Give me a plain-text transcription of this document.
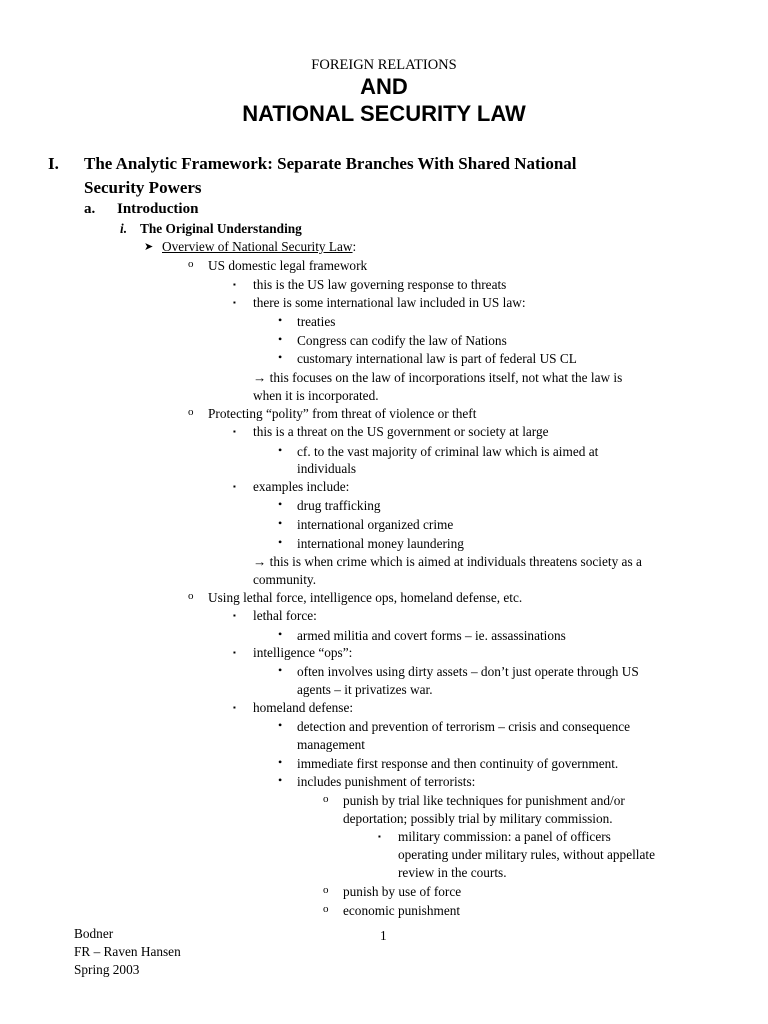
FOREIGN RELATIONS
AND
NATIONAL SECURITY LAW
I. The Analytic Framework: Separate Branches With Shared National
Security Powers
a. Introduction
i. The Original Understanding
➤ Overview of National Security Law:
o US domestic legal framework
▪ this is the US law governing response to threats
▪ there is some international law included in US law:
• treaties
• Congress can codify the law of Nations
• customary international law is part of federal US CL
→ this focuses on the law of incorporations itself, not what the law is
when it is incorporated.
o Protecting “polity” from threat of violence or theft
▪ this is a threat on the US government or society at large
• cf. to the vast majority of criminal law which is aimed at
individuals
▪ examples include:
• drug trafficking
• international organized crime
• international money laundering
→ this is when crime which is aimed at individuals threatens society as a
community.
o Using lethal force, intelligence ops, homeland defense, etc.
▪ lethal force:
• armed militia and covert forms – ie. assassinations
▪ intelligence “ops”:
• often involves using dirty assets – don’t just operate through US
agents – it privatizes war.
▪ homeland defense:
• detection and prevention of terrorism – crisis and consequence
management
• immediate first response and then continuity of government.
• includes punishment of terrorists:
o punish by trial like techniques for punishment and/or
deportation; possibly trial by military commission.
▪ military commission: a panel of officers
operating under military rules, without appellate
review in the courts.
o punish by use of force
o economic punishment
Bodner
FR – Raven Hansen
Spring 2003
1
